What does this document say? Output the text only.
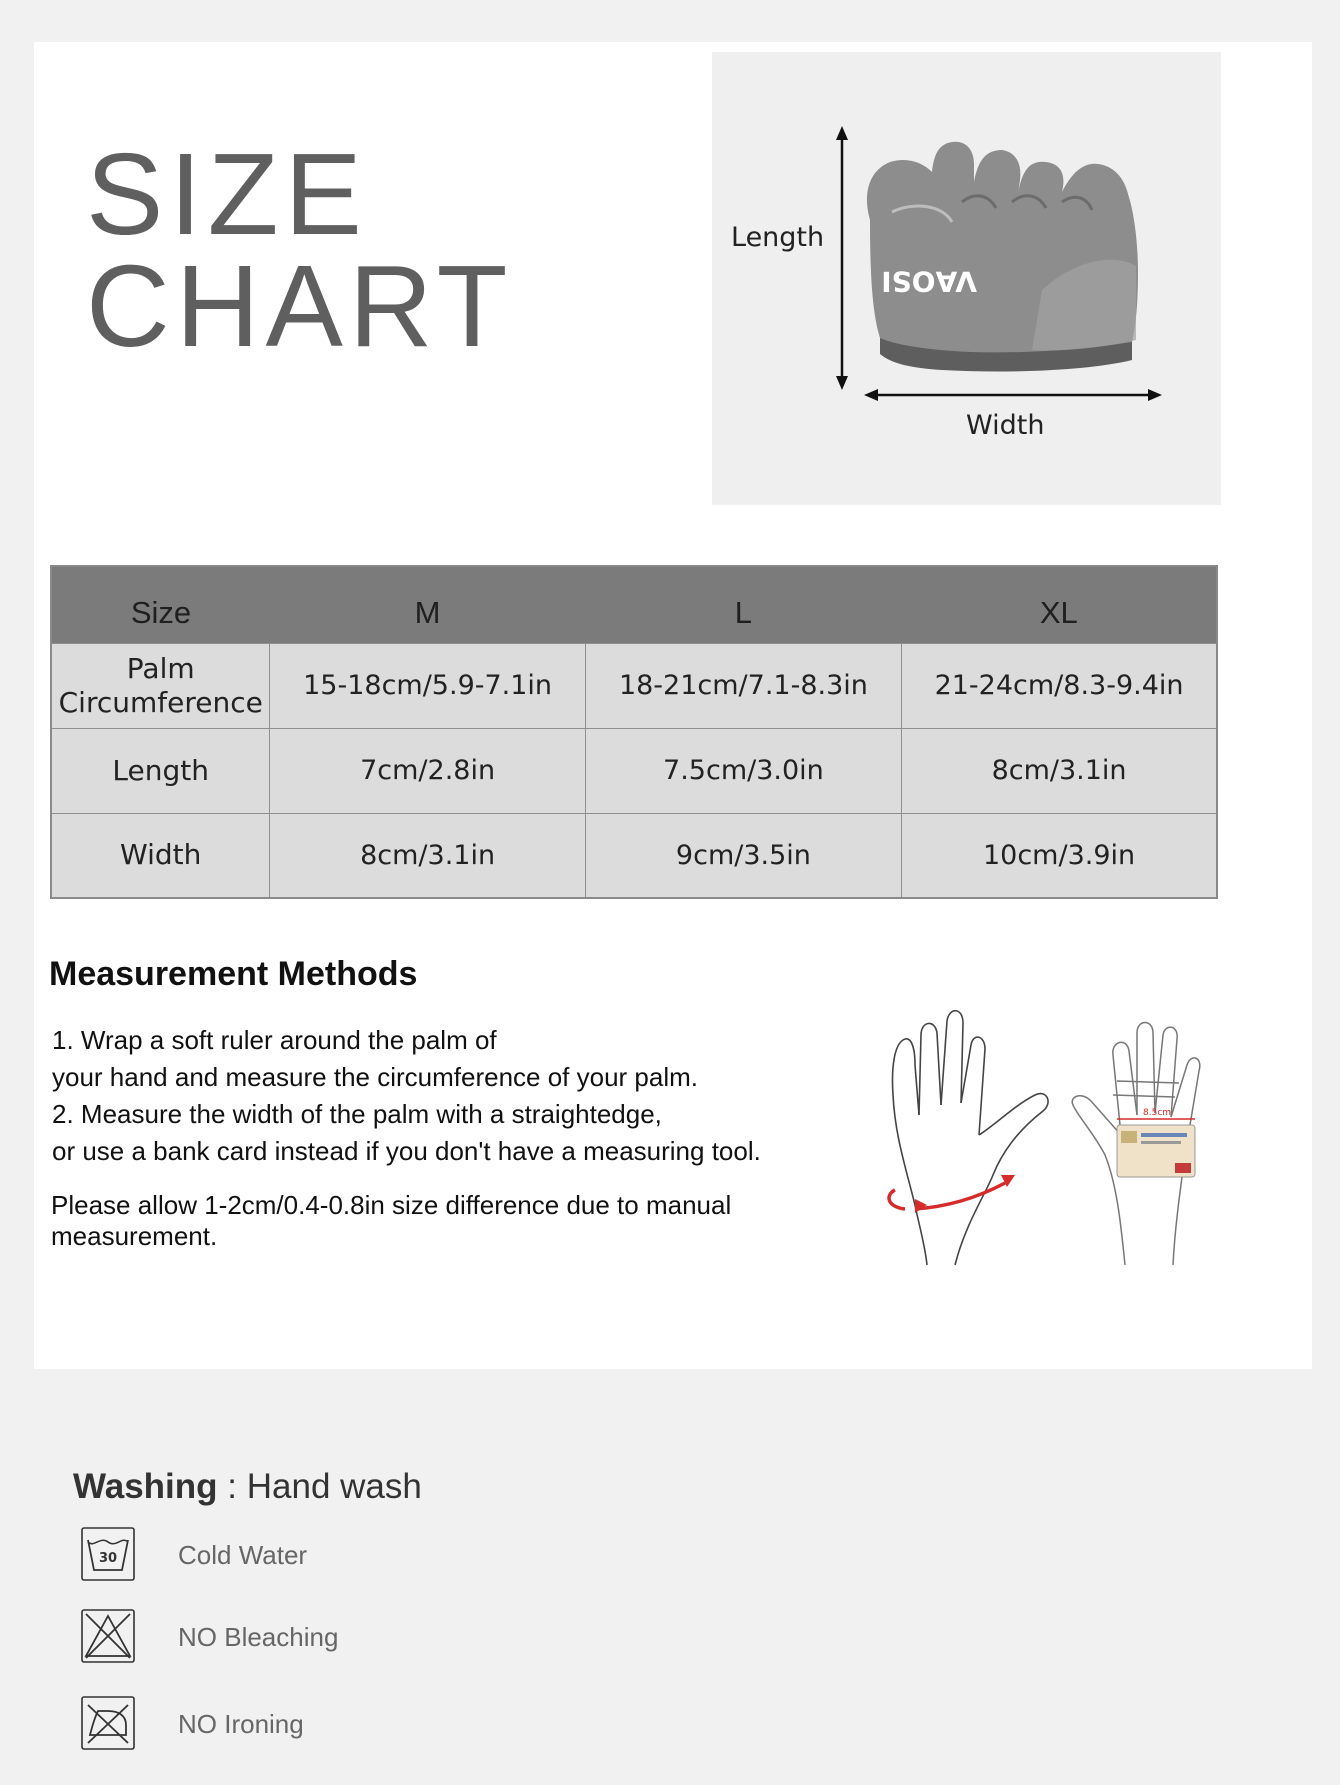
SIZE
CHART	VAOSI
Length
Width
Size	M	L	XL
Palm
Circumference	15-18cm/5.9-7.1in	18-21cm/7.1-8.3in	21-24cm/8.3-9.4in
Length	7cm/2.8in	7.5cm/3.0in	8cm/3.1in
Width	8cm/3.1in	9cm/3.5in	10cm/3.9in
Measurement Methods
1. Wrap a soft ruler around the palm of
your hand and measure the circumference of your palm.
2. Measure the width of the palm with a straightedge,
or use a bank card instead if you don't have a measuring tool.
Please allow 1-2cm/0.4-0.8in size difference due to manual measurement.
8.5cm
Washing : Hand wash
30 Cold Water
NO Bleaching
NO Ironing
